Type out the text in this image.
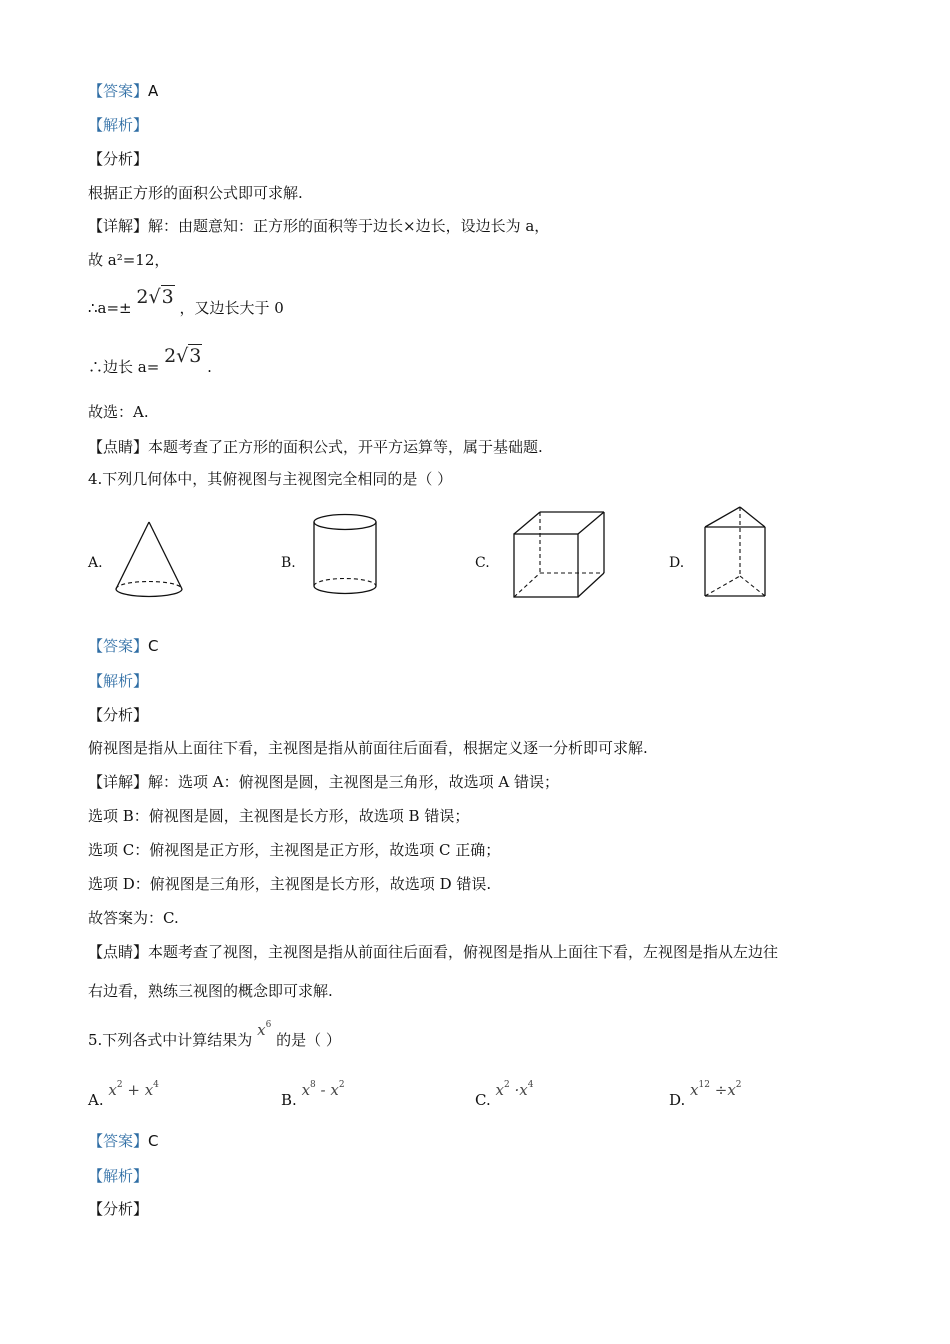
【答案】A
【解析】
【分析】
根据正方形的面积公式即可求解.
【详解】解：由题意知：正方形的面积等于边长×边长，设边长为 a，
故 a²=12，
∴a=± 2√3 ，又边长大于 0
∴边长 a= 2√3 .
故选：A.
【点睛】本题考查了正方形的面积公式，开平方运算等，属于基础题.
4.下列几何体中，其俯视图与主视图完全相同的是（ ）
A.	B.	C.	D.
【答案】C
【解析】
【分析】
俯视图是指从上面往下看，主视图是指从前面往后面看，根据定义逐一分析即可求解.
【详解】解：选项 A：俯视图是圆，主视图是三角形，故选项 A 错误；
选项 B：俯视图是圆，主视图是长方形，故选项 B 错误；
选项 C：俯视图是正方形，主视图是正方形，故选项 C 正确；
选项 D：俯视图是三角形，主视图是长方形，故选项 D 错误.
故答案为：C.
【点睛】本题考查了视图，主视图是指从前面往后面看，俯视图是指从上面往下看，左视图是指从左边往
右边看，熟练三视图的概念即可求解.
5.下列各式中计算结果为 $x^6$ 的是（ ）
A. $x^2 + x^4$
B. $x^8 - x^2$
C. $x^2 \cdot x^4$
D. $x^{12} \div x^2$
【答案】C
【解析】
【分析】
